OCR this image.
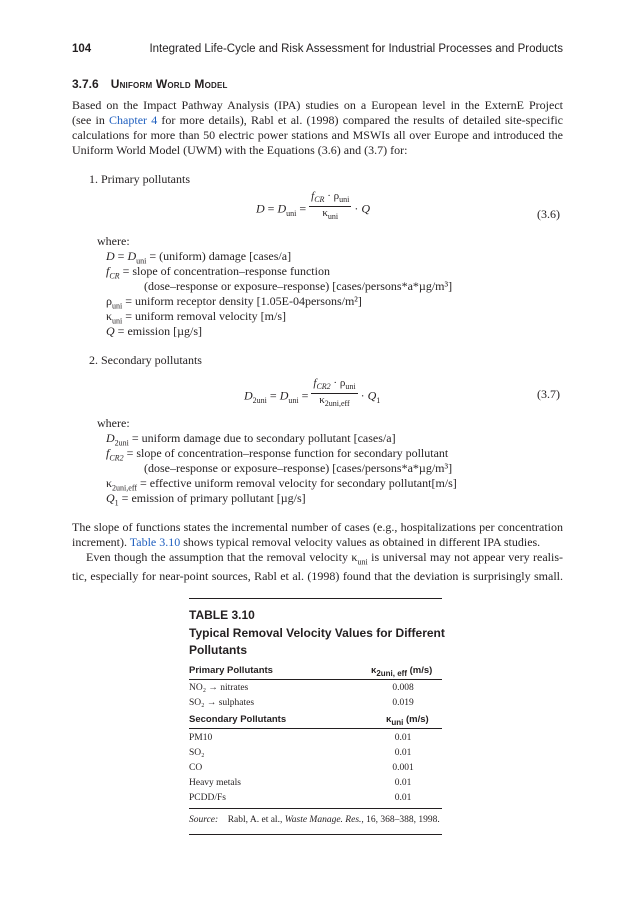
104	Integrated Life-Cycle and Risk Assessment for Industrial Processes and Products
3.7.6 Uniform World Model
Based on the Impact Pathway Analysis (IPA) studies on a European level in the ExternE Project
(see in Chapter 4 for more details), Rabl et al. (1998) compared the results of detailed site-specific
calculations for more than 50 electric power stations and MSWIs all over Europe and introduced the
Uniform World Model (UWM) with the Equations (3.6) and (3.7) for:
1. Primary pollutants
$D = D_{uni} = \frac{f_{CR} \cdot \rho_{uni}}{\kappa_{uni}} \cdot Q$	(3.6)
where:
$D = D_{uni}$ = (uniform) damage [cases/a]
$f_{CR}$ = slope of concentration–response function
(dose–response or exposure–response) [cases/persons*a*µg/m³]
$\rho_{uni}$ = uniform receptor density [1.05E-04persons/m²]
$\kappa_{uni}$ = uniform removal velocity [m/s]
Q = emission [µg/s]
2. Secondary pollutants
$D_{2uni} = D_{uni} = \frac{f_{CR2} \cdot \rho_{uni}}{\kappa_{2uni,eff}} \cdot Q_1$	(3.7)
where:
$D_{2uni}$ = uniform damage due to secondary pollutant [cases/a]
$f_{CR2}$ = slope of concentration–response function for secondary pollutant
(dose–response or exposure–response) [cases/persons*a*µg/m³]
$\kappa_{2uni,eff}$ = effective uniform removal velocity for secondary pollutant[m/s]
$Q_1$ = emission of primary pollutant [µg/s]
The slope of functions states the incremental number of cases (e.g., hospitalizations per concentration
increment). Table 3.10 shows typical removal velocity values as obtained in different IPA studies.
Even though the assumption that the removal velocity $\kappa_{uni}$ is universal may not appear very realis-
tic, especially for near-point sources, Rabl et al. (1998) found that the deviation is surprisingly small.
TABLE 3.10
Typical Removal Velocity Values for Different
Pollutants
Primary Pollutants	$\kappa_{2uni, eff}$ (m/s)
NO₂ → nitrates	0.008
SO₂ → sulphates	0.019
Secondary Pollutants	$\kappa_{uni}$ (m/s)
PM10	0.01
SO₂	0.01
CO	0.001
Heavy metals	0.01
PCDD/Fs	0.01
Source: Rabl, A. et al., Waste Manage. Res., 16, 368–388, 1998.
